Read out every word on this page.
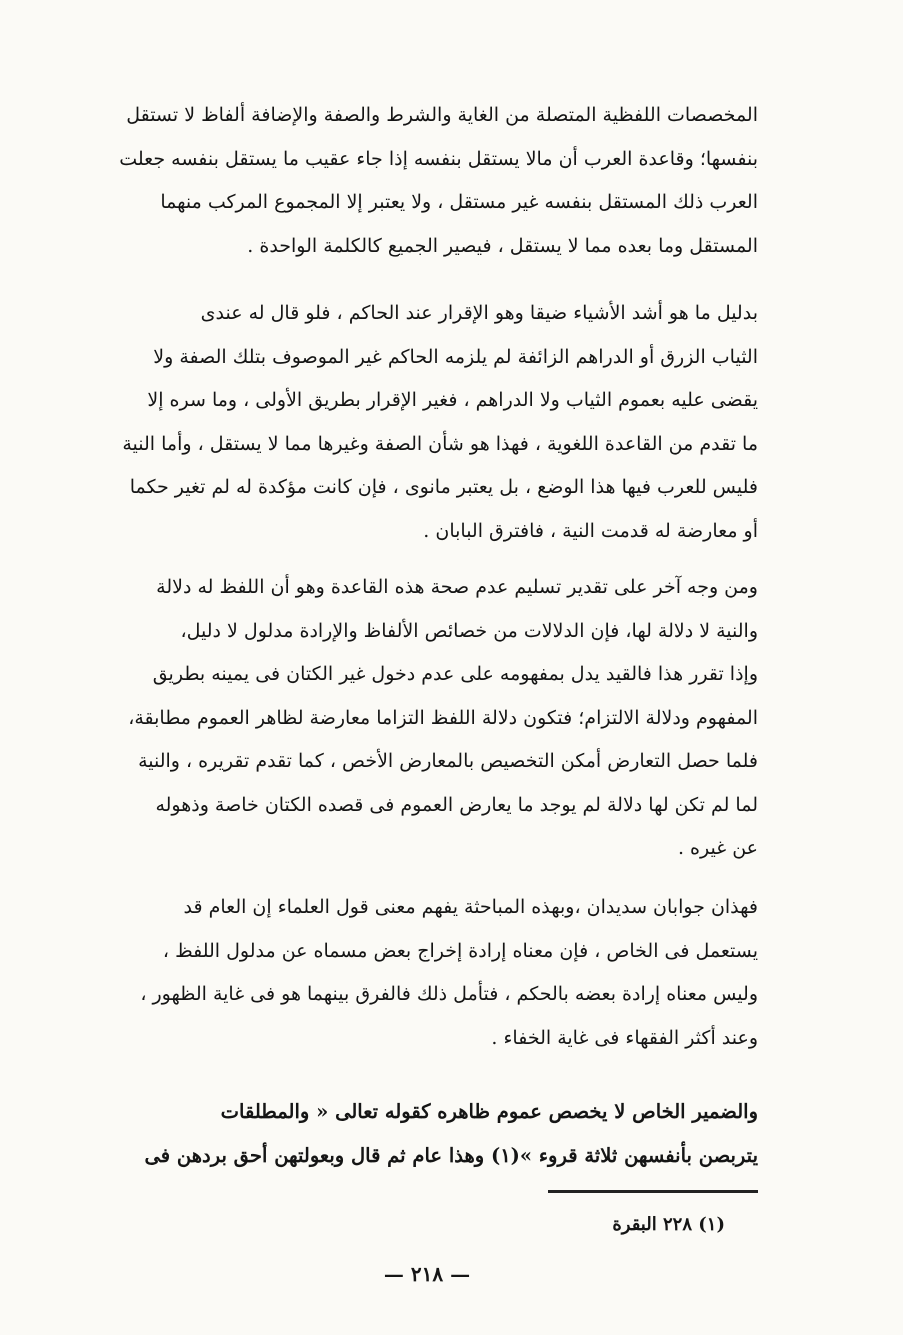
المخصصات اللفظية المتصلة من الغاية والشرط والصفة والإضافة ألفاظ لا تستقل
بنفسها؛ وقاعدة العرب أن مالا يستقل بنفسه إذا جاء عقيب ما يستقل بنفسه جعلت
العرب ذلك المستقل بنفسه غير مستقل ، ولا يعتبر إلا المجموع المركب منهما
المستقل وما بعده مما لا يستقل ، فيصير الجميع كالكلمة الواحدة .
بدليل ما هو أشد الأشياء ضيقا وهو الإقرار عند الحاكم ، فلو قال له عندى
الثياب الزرق أو الدراهم الزائفة لم يلزمه الحاكم غير الموصوف بتلك الصفة ولا
يقضى عليه بعموم الثياب ولا الدراهم ، فغير الإقرار بطريق الأولى ، وما سره إلا
ما تقدم من القاعدة اللغوية ، فهذا هو شأن الصفة وغيرها مما لا يستقل ، وأما النية
فليس للعرب فيها هذا الوضع ، بل يعتبر مانوى ، فإن كانت مؤكدة له لم تغير حكما
أو معارضة له قدمت النية ، فافترق البابان .
ومن وجه آخر على تقدير تسليم عدم صحة هذه القاعدة وهو أن اللفظ له دلالة
والنية لا دلالة لها، فإن الدلالات من خصائص الألفاظ والإرادة مدلول لا دليل،
وإذا تقرر هذا فالقيد يدل بمفهومه على عدم دخول غير الكتان فى يمينه بطريق
المفهوم ودلالة الالتزام؛ فتكون دلالة اللفظ التزاما معارضة لظاهر العموم مطابقة،
فلما حصل التعارض أمكن التخصيص بالمعارض الأخص ، كما تقدم تقريره ، والنية
لما لم تكن لها دلالة لم يوجد ما يعارض العموم فى قصده الكتان خاصة وذهوله
عن غيره .
فهذان جوابان سديدان ،وبهذه المباحثة يفهم معنى قول العلماء إن العام قد
يستعمل فى الخاص ، فإن معناه إرادة إخراج بعض مسماه عن مدلول اللفظ ،
وليس معناه إرادة بعضه بالحكم ، فتأمل ذلك فالفرق بينهما هو فى غاية الظهور ،
وعند أكثر الفقهاء فى غاية الخفاء .
والضمير الخاص لا يخصص عموم ظاهره كقوله تعالى « والمطلقات
يتربصن بأنفسهن ثلاثة قروء »(١) وهذا عام ثم قال وبعولتهن أحق بردهن فى

(١) ٢٢٨ البقرة

— ٢١٨ —
